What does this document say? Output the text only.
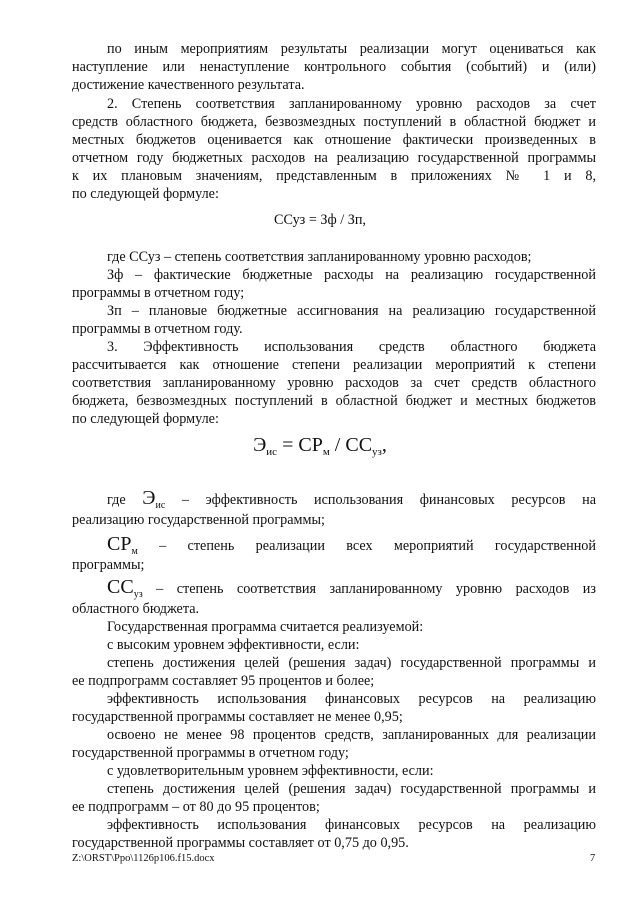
по иным мероприятиям результаты реализации могут оцениваться как
наступление или ненаступление контрольного события (событий) и (или)
достижение качественного результата.
2. Степень соответствия запланированному уровню расходов за счет
средств областного бюджета, безвозмездных поступлений в областной бюджет и
местных бюджетов оценивается как отношение фактически произведенных в
отчетном году бюджетных расходов на реализацию государственной программы
к их плановым значениям, представленным в приложениях № 1 и 8,
по следующей формуле:
ССуз = Зф / Зп,
где ССуз – степень соответствия запланированному уровню расходов;
Зф – фактические бюджетные расходы на реализацию государственной
программы в отчетном году;
Зп – плановые бюджетные ассигнования на реализацию государственной
программы в отчетном году.
3. Эффективность использования средств областного бюджета
рассчитывается как отношение степени реализации мероприятий к степени
соответствия запланированному уровню расходов за счет средств областного
бюджета, безвозмездных поступлений в областной бюджет и местных бюджетов
по следующей формуле:
$Э_{ис} = СР_м / СС_{уз}$,
где $Э_{ис}$ – эффективность использования финансовых ресурсов на
реализацию государственной программы;
$СР_м$ – степень реализации всех мероприятий государственной
программы;
$СС_{уз}$ – степень соответствия запланированному уровню расходов из
областного бюджета.
Государственная программа считается реализуемой:
с высоким уровнем эффективности, если:
степень достижения целей (решения задач) государственной программы и
ее подпрограмм составляет 95 процентов и более;
эффективность использования финансовых ресурсов на реализацию
государственной программы составляет не менее 0,95;
освоено не менее 98 процентов средств, запланированных для реализации
государственной программы в отчетном году;
с удовлетворительным уровнем эффективности, если:
степень достижения целей (решения задач) государственной программы и
ее подпрограмм – от 80 до 95 процентов;
эффективность использования финансовых ресурсов на реализацию
государственной программы составляет от 0,75 до 0,95.
Z:\ORST\Ppo\1126p106.f15.docx	7
